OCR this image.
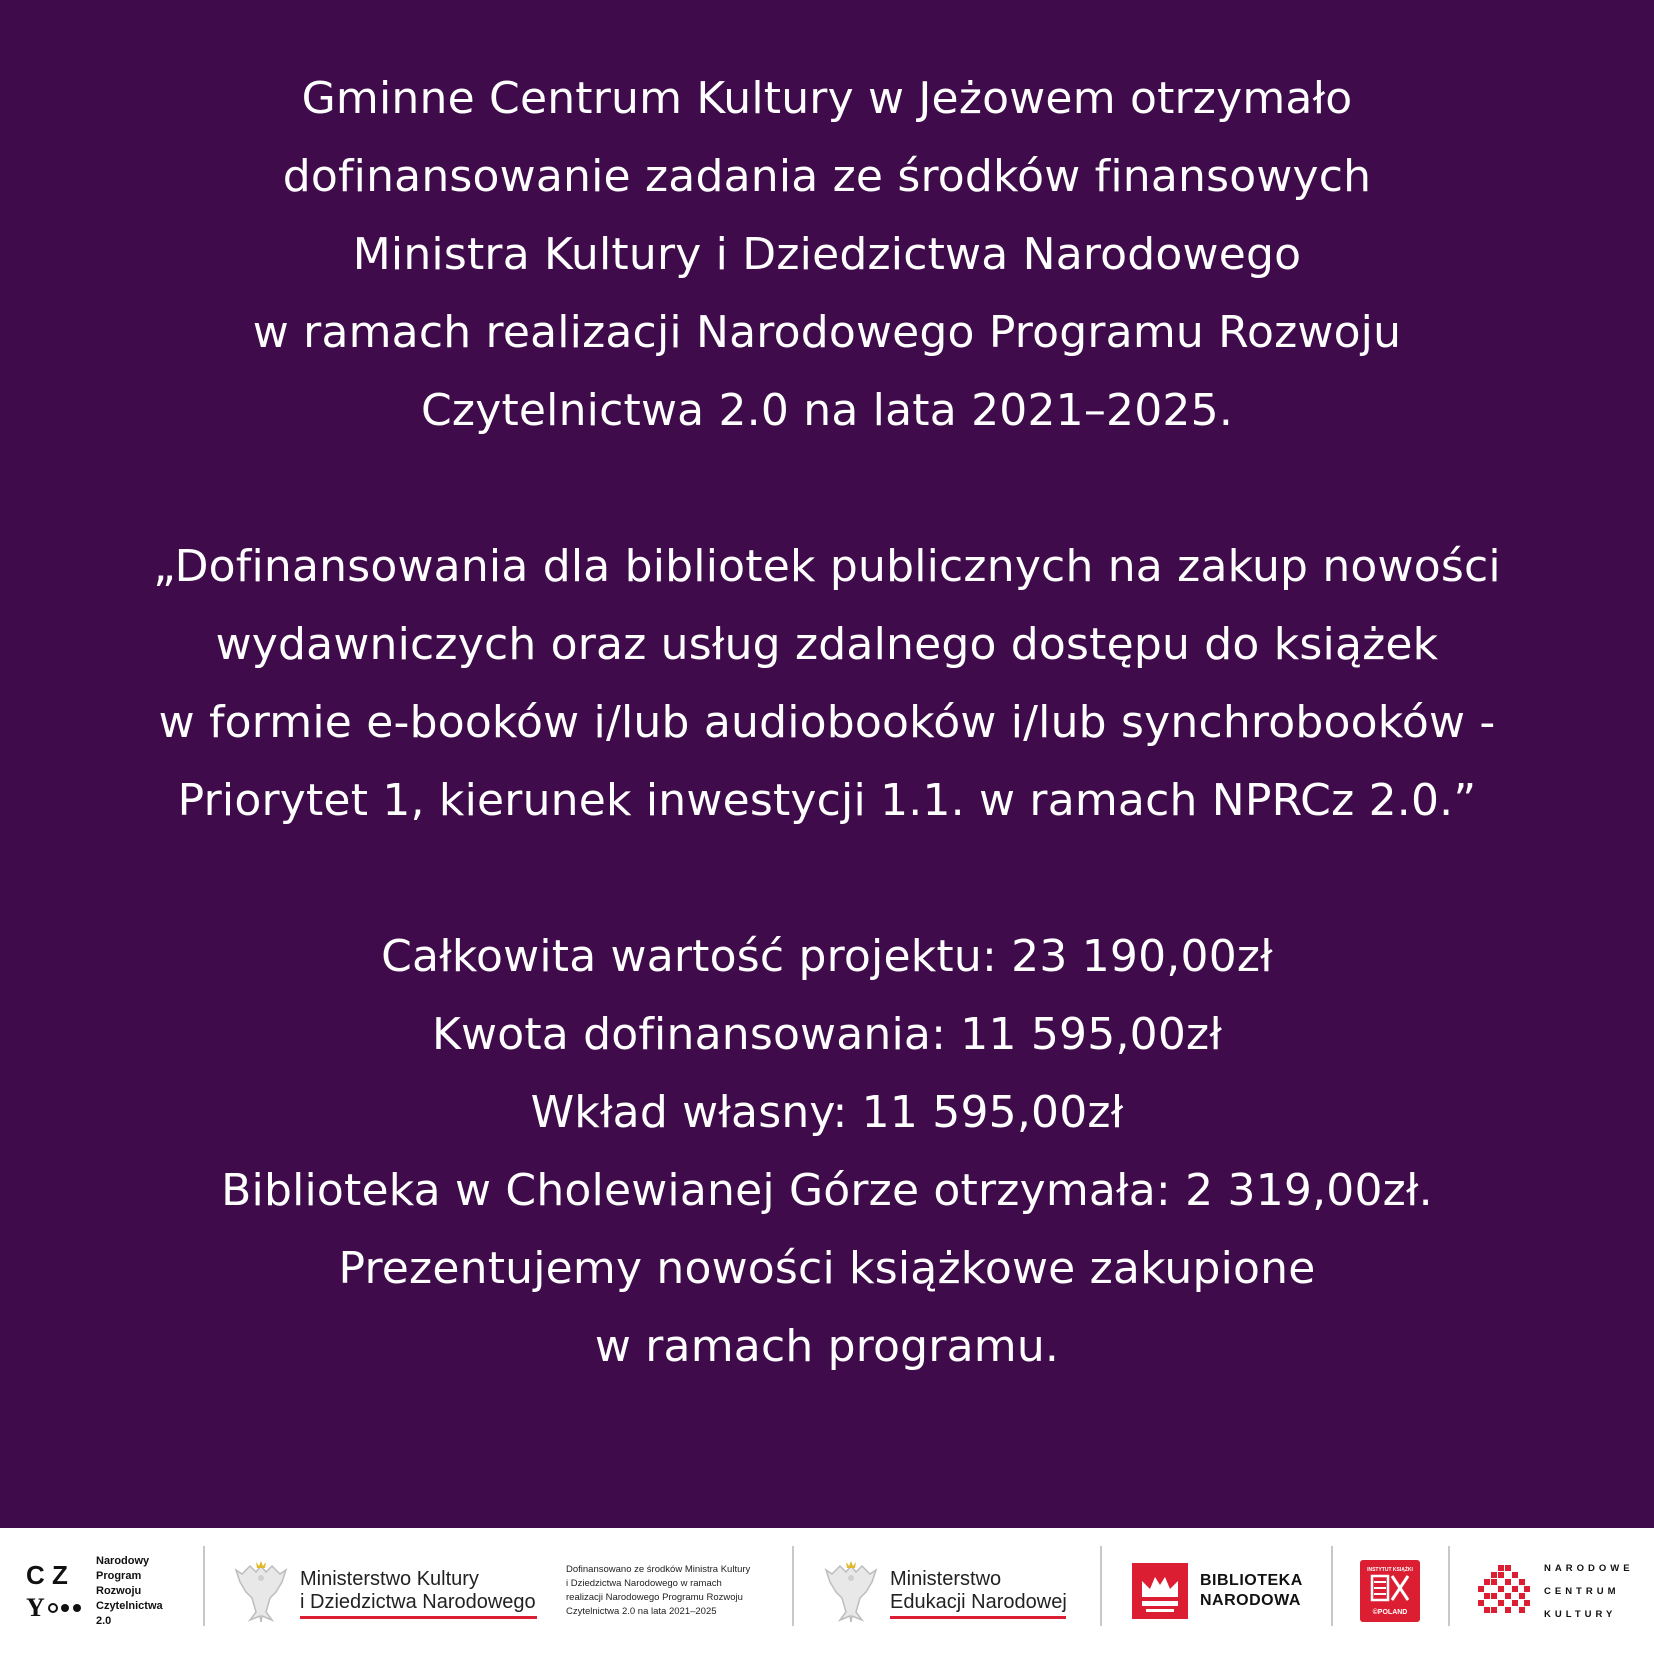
Gminne Centrum Kultury w Jeżowem otrzymało
dofinansowanie zadania ze środków finansowych
Ministra Kultury i Dziedzictwa Narodowego
w ramach realizacji Narodowego Programu Rozwoju
Czytelnictwa 2.0 na lata 2021–2025.
„Dofinansowania dla bibliotek publicznych na zakup nowości
wydawniczych oraz usług zdalnego dostępu do książek
w formie e-booków i/lub audiobooków i/lub synchrobooków -
Priorytet 1, kierunek inwestycji 1.1. w ramach NPRCz 2.0.”
Całkowita wartość projektu: 23 190,00zł
Kwota dofinansowania: 11 595,00zł
Wkład własny: 11 595,00zł
Biblioteka w Cholewianej Górze otrzymała: 2 319,00zł.
Prezentujemy nowości książkowe zakupione
w ramach programu.
C Z
Y
Narodowy
Program
Rozwoju
Czytelnictwa
2.0
Ministerstwo Kultury
i Dziedzictwa Narodowego
Dofinansowano ze środków Ministra Kultury
i Dziedzictwa Narodowego w ramach
realizacji Narodowego Programu Rozwoju
Czytelnictwa 2.0 na lata 2021–2025
Ministerstwo
Edukacji Narodowej
BIBLIOTEKA
NARODOWA
INSTYTUT KSIĄŻKI
©POLAND
NARODOWE
CENTRUM
KULTURY
